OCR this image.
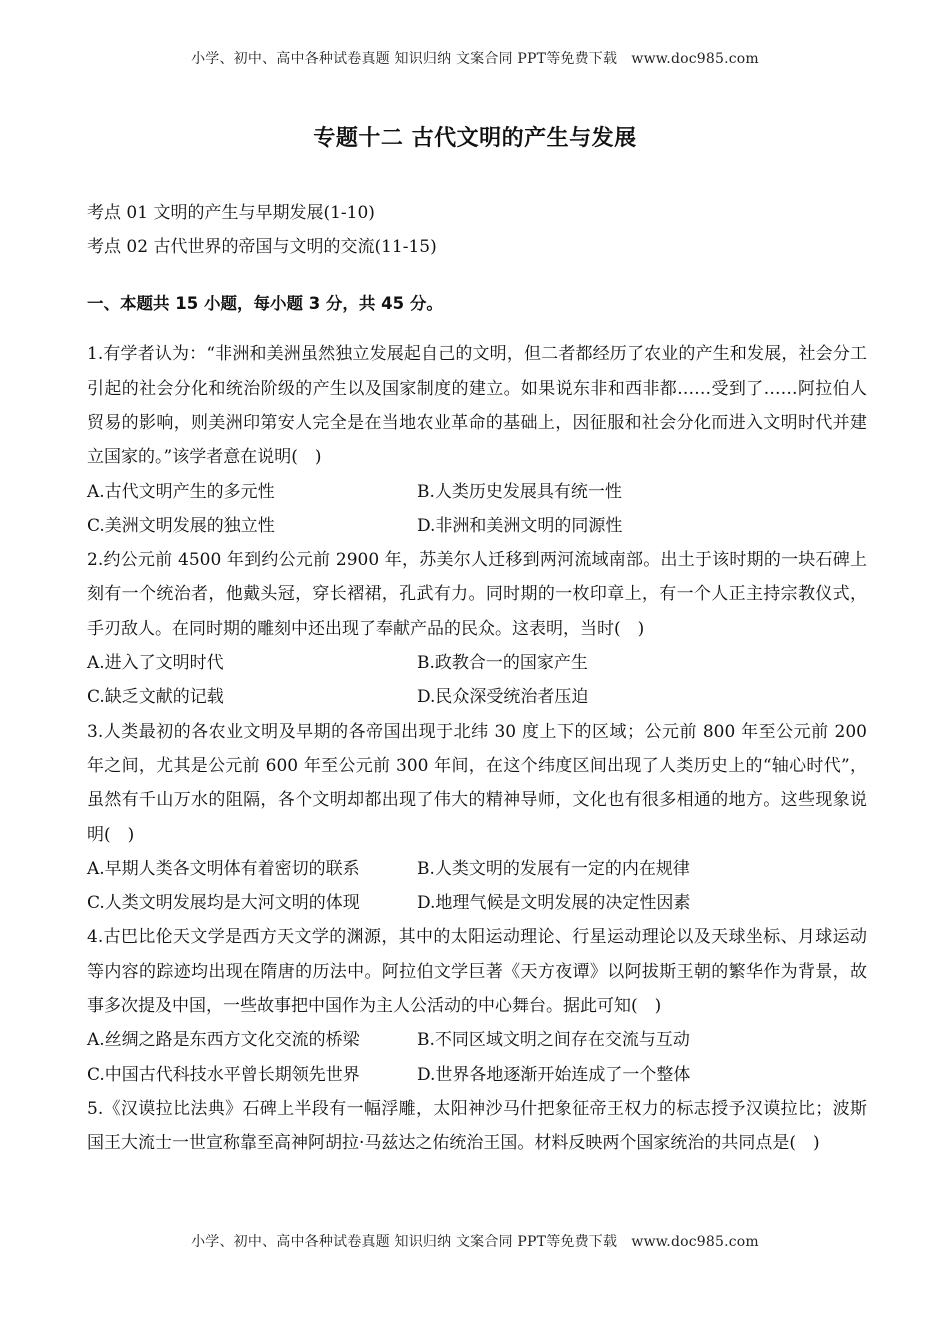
小学、初中、高中各种试卷真题 知识归纳 文案合同 PPT等免费下载　www.doc985.com
专题十二 古代文明的产生与发展

考点 01 文明的产生与早期发展(1-10)

考点 02 古代世界的帝国与文明的交流(11-15)

一、本题共 15 小题，每小题 3 分，共 45 分。

1.有学者认为：“非洲和美洲虽然独立发展起自己的文明，但二者都经历了农业的产生和发展，社会分工引起的社会分化和统治阶级的产生以及国家制度的建立。如果说东非和西非都……受到了……阿拉伯人贸易的影响，则美洲印第安人完全是在当地农业革命的基础上，因征服和社会分化而进入文明时代并建立国家的。”该学者意在说明(　)

A.古代文明产生的多元性	B.人类历史发展具有统一性
C.美洲文明发展的独立性	D.非洲和美洲文明的同源性

2.约公元前 4500 年到约公元前 2900 年，苏美尔人迁移到两河流域南部。出土于该时期的一块石碑上刻有一个统治者，他戴头冠，穿长褶裙，孔武有力。同时期的一枚印章上，有一个人正主持宗教仪式，手刃敌人。在同时期的雕刻中还出现了奉献产品的民众。这表明，当时(　)

A.进入了文明时代	B.政教合一的国家产生
C.缺乏文献的记载	D.民众深受统治者压迫

3.人类最初的各农业文明及早期的各帝国出现于北纬 30 度上下的区域；公元前 800 年至公元前 200 年之间，尤其是公元前 600 年至公元前 300 年间，在这个纬度区间出现了人类历史上的“轴心时代”，虽然有千山万水的阻隔，各个文明却都出现了伟大的精神导师，文化也有很多相通的地方。这些现象说明(　)

A.早期人类各文明体有着密切的联系	B.人类文明的发展有一定的内在规律
C.人类文明发展均是大河文明的体现	D.地理气候是文明发展的决定性因素

4.古巴比伦天文学是西方天文学的渊源，其中的太阳运动理论、行星运动理论以及天球坐标、月球运动等内容的踪迹均出现在隋唐的历法中。阿拉伯文学巨著《天方夜谭》以阿拔斯王朝的繁华作为背景，故事多次提及中国，一些故事把中国作为主人公活动的中心舞台。据此可知(　)

A.丝绸之路是东西方文化交流的桥梁	B.不同区域文明之间存在交流与互动
C.中国古代科技水平曾长期领先世界	D.世界各地逐渐开始连成了一个整体

5.《汉谟拉比法典》石碑上半段有一幅浮雕，太阳神沙马什把象征帝王权力的标志授予汉谟拉比；波斯国王大流士一世宣称靠至高神阿胡拉·马兹达之佑统治王国。材料反映两个国家统治的共同点是(　)

小学、初中、高中各种试卷真题 知识归纳 文案合同 PPT等免费下载　www.doc985.com
